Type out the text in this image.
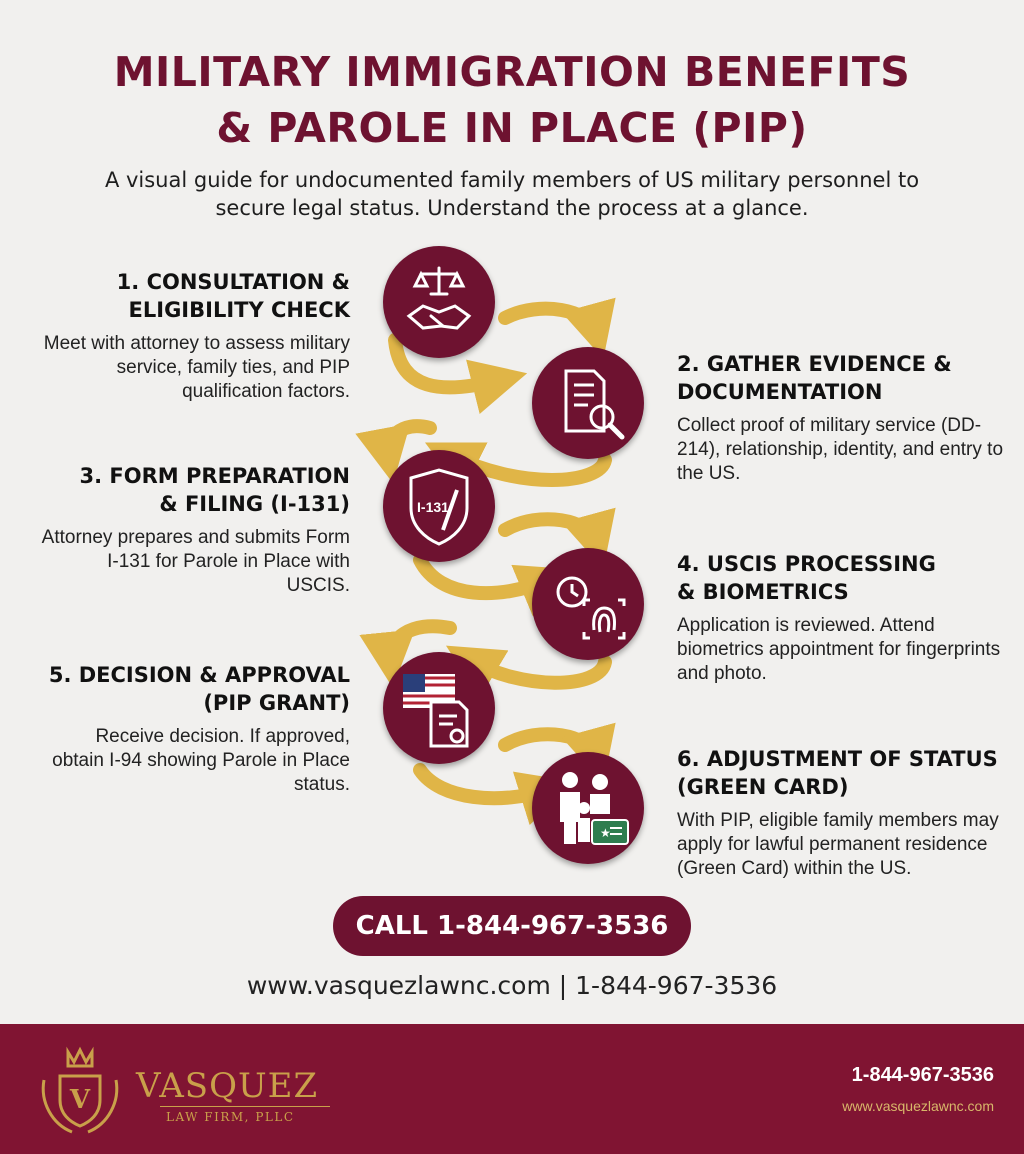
MILITARY IMMIGRATION BENEFITS
& PAROLE IN PLACE (PIP)
A visual guide for undocumented family members of US military personnel to secure legal status. Understand the process at a glance.
I-131
★
1. CONSULTATION &
ELIGIBILITY CHECK

Meet with attorney to assess military service, family ties, and PIP qualification factors.

2. GATHER EVIDENCE &
DOCUMENTATION

Collect proof of military service (DD-214), relationship, identity, and entry to the US.

3. FORM PREPARATION
& FILING (I-131)

Attorney prepares and submits Form I-131 for Parole in Place with USCIS.

4. USCIS PROCESSING
& BIOMETRICS

Application is reviewed. Attend biometrics appointment for fingerprints and photo.

5. DECISION & APPROVAL
(PIP GRANT)

Receive decision. If approved, obtain I-94 showing Parole in Place status.

6. ADJUSTMENT OF STATUS
(GREEN CARD)

With PIP, eligible family members may apply for lawful permanent residence (Green Card) within the US.

CALL 1-844-967-3536
www.vasquezlawnc.com | 1-844-967-3536
V VASQUEZ
LAW FIRM, PLLC
1-844-967-3536
www.vasquezlawnc.com
